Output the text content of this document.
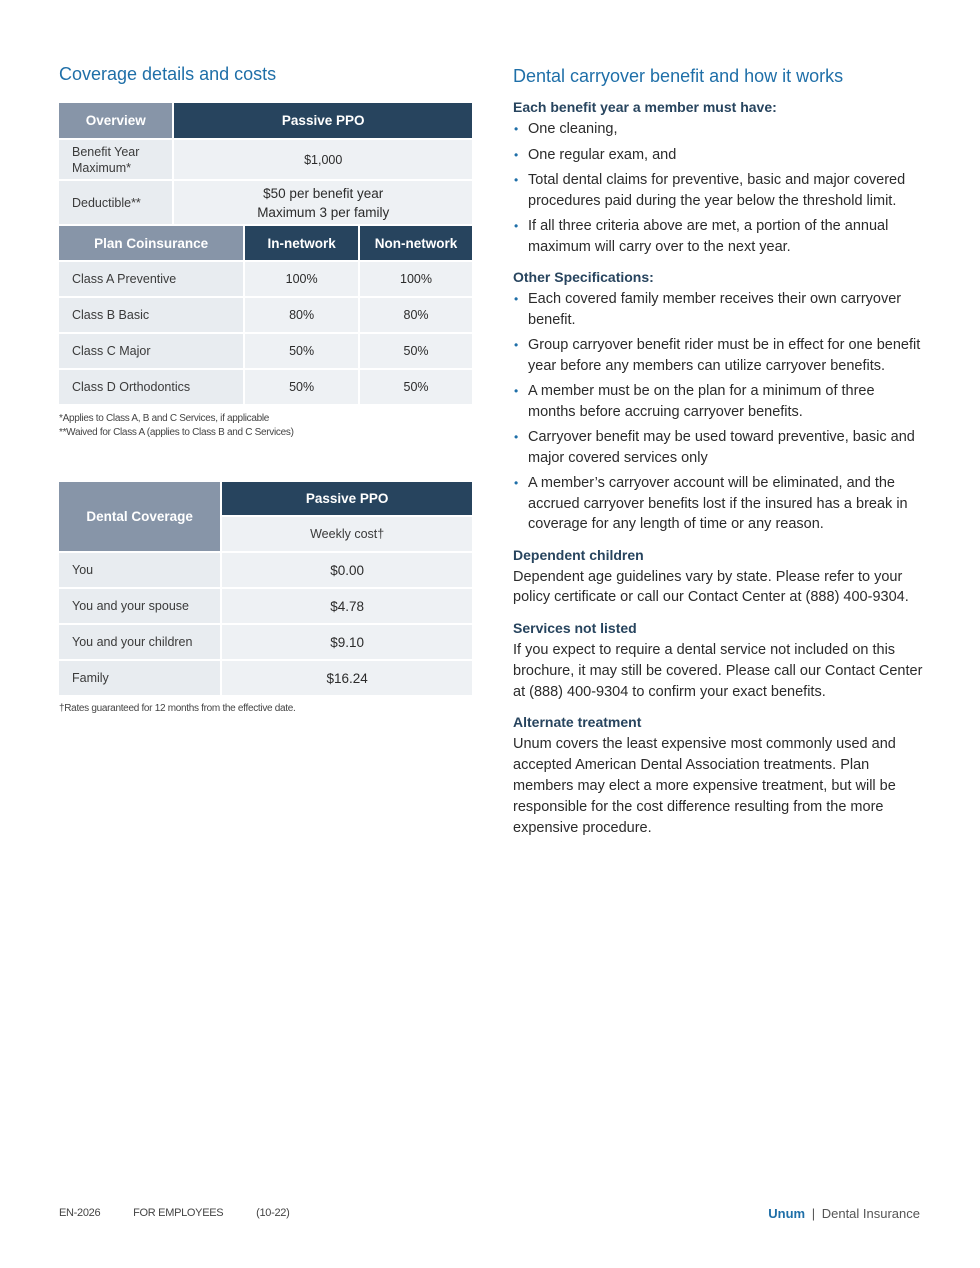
Coverage details and costs
Overview	Passive PPO		
Benefit Year Maximum*	$1,000		
Deductible**	$50 per benefit year
Maximum 3 per family		

Plan Coinsurance		In-network	Non-network
Class A Preventive		100%	100%
Class B Basic		80%	80%
Class C Major		50%	50%
Class D Orthodontics		50%	50%
*Applies to Class A, B and C Services, if applicable
**Waived for Class A (applies to Class B and C Services)
Dental Coverage	Passive PPO
	Weekly cost†
You	$0.00
You and your spouse	$4.78
You and your children	$9.10
Family	$16.24
†Rates guaranteed for 12 months from the effective date.
Dental carryover benefit and how it works
Each benefit year a member must have:
• One cleaning,
• One regular exam, and
• Total dental claims for preventive, basic and major covered procedures paid during the year below the threshold limit.
• If all three criteria above are met, a portion of the annual maximum will carry over to the next year.
Other Specifications:
• Each covered family member receives their own carryover benefit.
• Group carryover benefit rider must be in effect for one benefit year before any members can utilize carryover benefits.
• A member must be on the plan for a minimum of three months before accruing carryover benefits.
• Carryover benefit may be used toward preventive, basic and major covered services only
• A member’s carryover account will be eliminated, and the accrued carryover benefits lost if the insured has a break in coverage for any length of time or any reason.
Dependent children

Dependent age guidelines vary by state. Please refer to your policy certificate or call our Contact Center at (888) 400-9304.

Services not listed

If you expect to require a dental service not included on this brochure, it may still be covered. Please call our Contact Center at (888) 400-9304 to confirm your exact benefits.

Alternate treatment

Unum covers the least expensive most commonly used and accepted American Dental Association treatments. Plan members may elect a more expensive treatment, but will be responsible for the cost difference resulting from the more expensive procedure.

EN-2026	FOR EMPLOYEES	(10-22)	Unum | Dental Insurance
